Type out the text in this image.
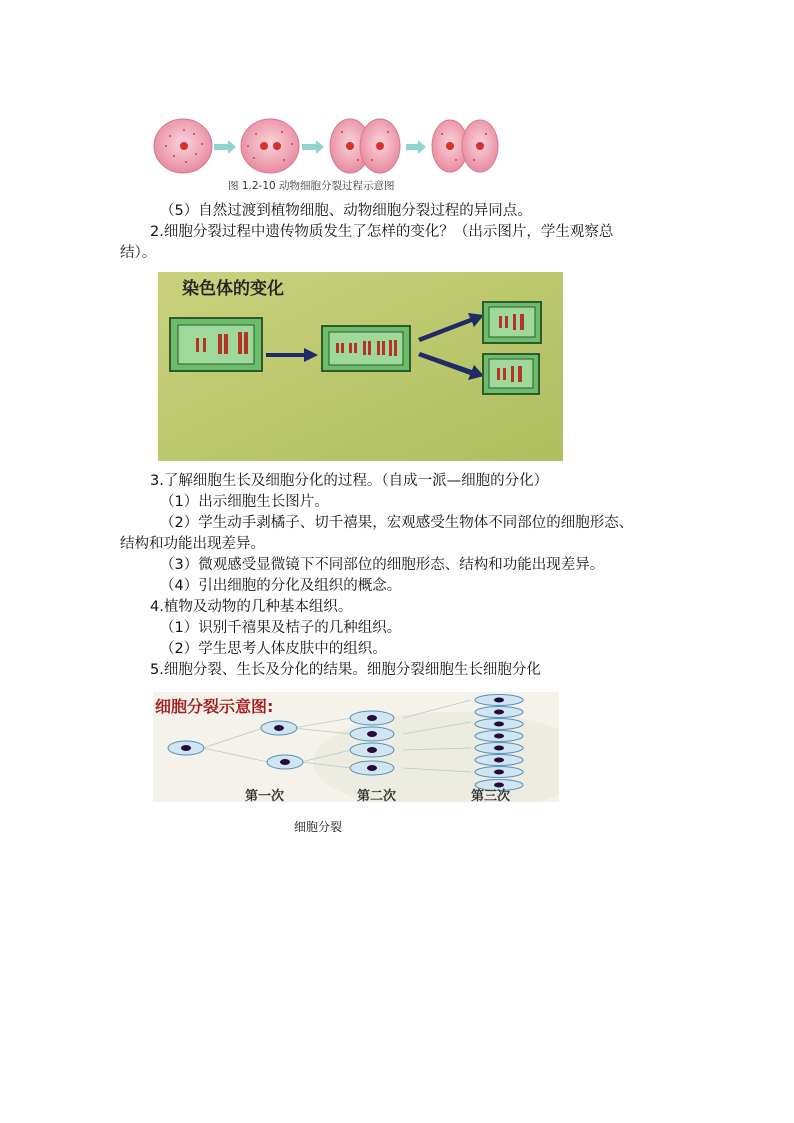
图 1.2-10 动物细胞分裂过程示意图
（5）自然过渡到植物细胞、动物细胞分裂过程的异同点。
2.细胞分裂过程中遗传物质发生了怎样的变化？（出示图片，学生观察总
结）。
染色体的变化
3.了解细胞生长及细胞分化的过程。（自成一派—细胞的分化）
（1）出示细胞生长图片。
（2）学生动手剥橘子、切千禧果，宏观感受生物体不同部位的细胞形态、
结构和功能出现差异。
（3）微观感受显微镜下不同部位的细胞形态、结构和功能出现差异。
（4）引出细胞的分化及组织的概念。
4.植物及动物的几种基本组织。
（1）识别千禧果及桔子的几种组织。
（2）学生思考人体皮肤中的组织。
5.细胞分裂、生长及分化的结果。细胞分裂细胞生长细胞分化
细胞分裂示意图:
第一次	第二次	第三次
细胞分裂
